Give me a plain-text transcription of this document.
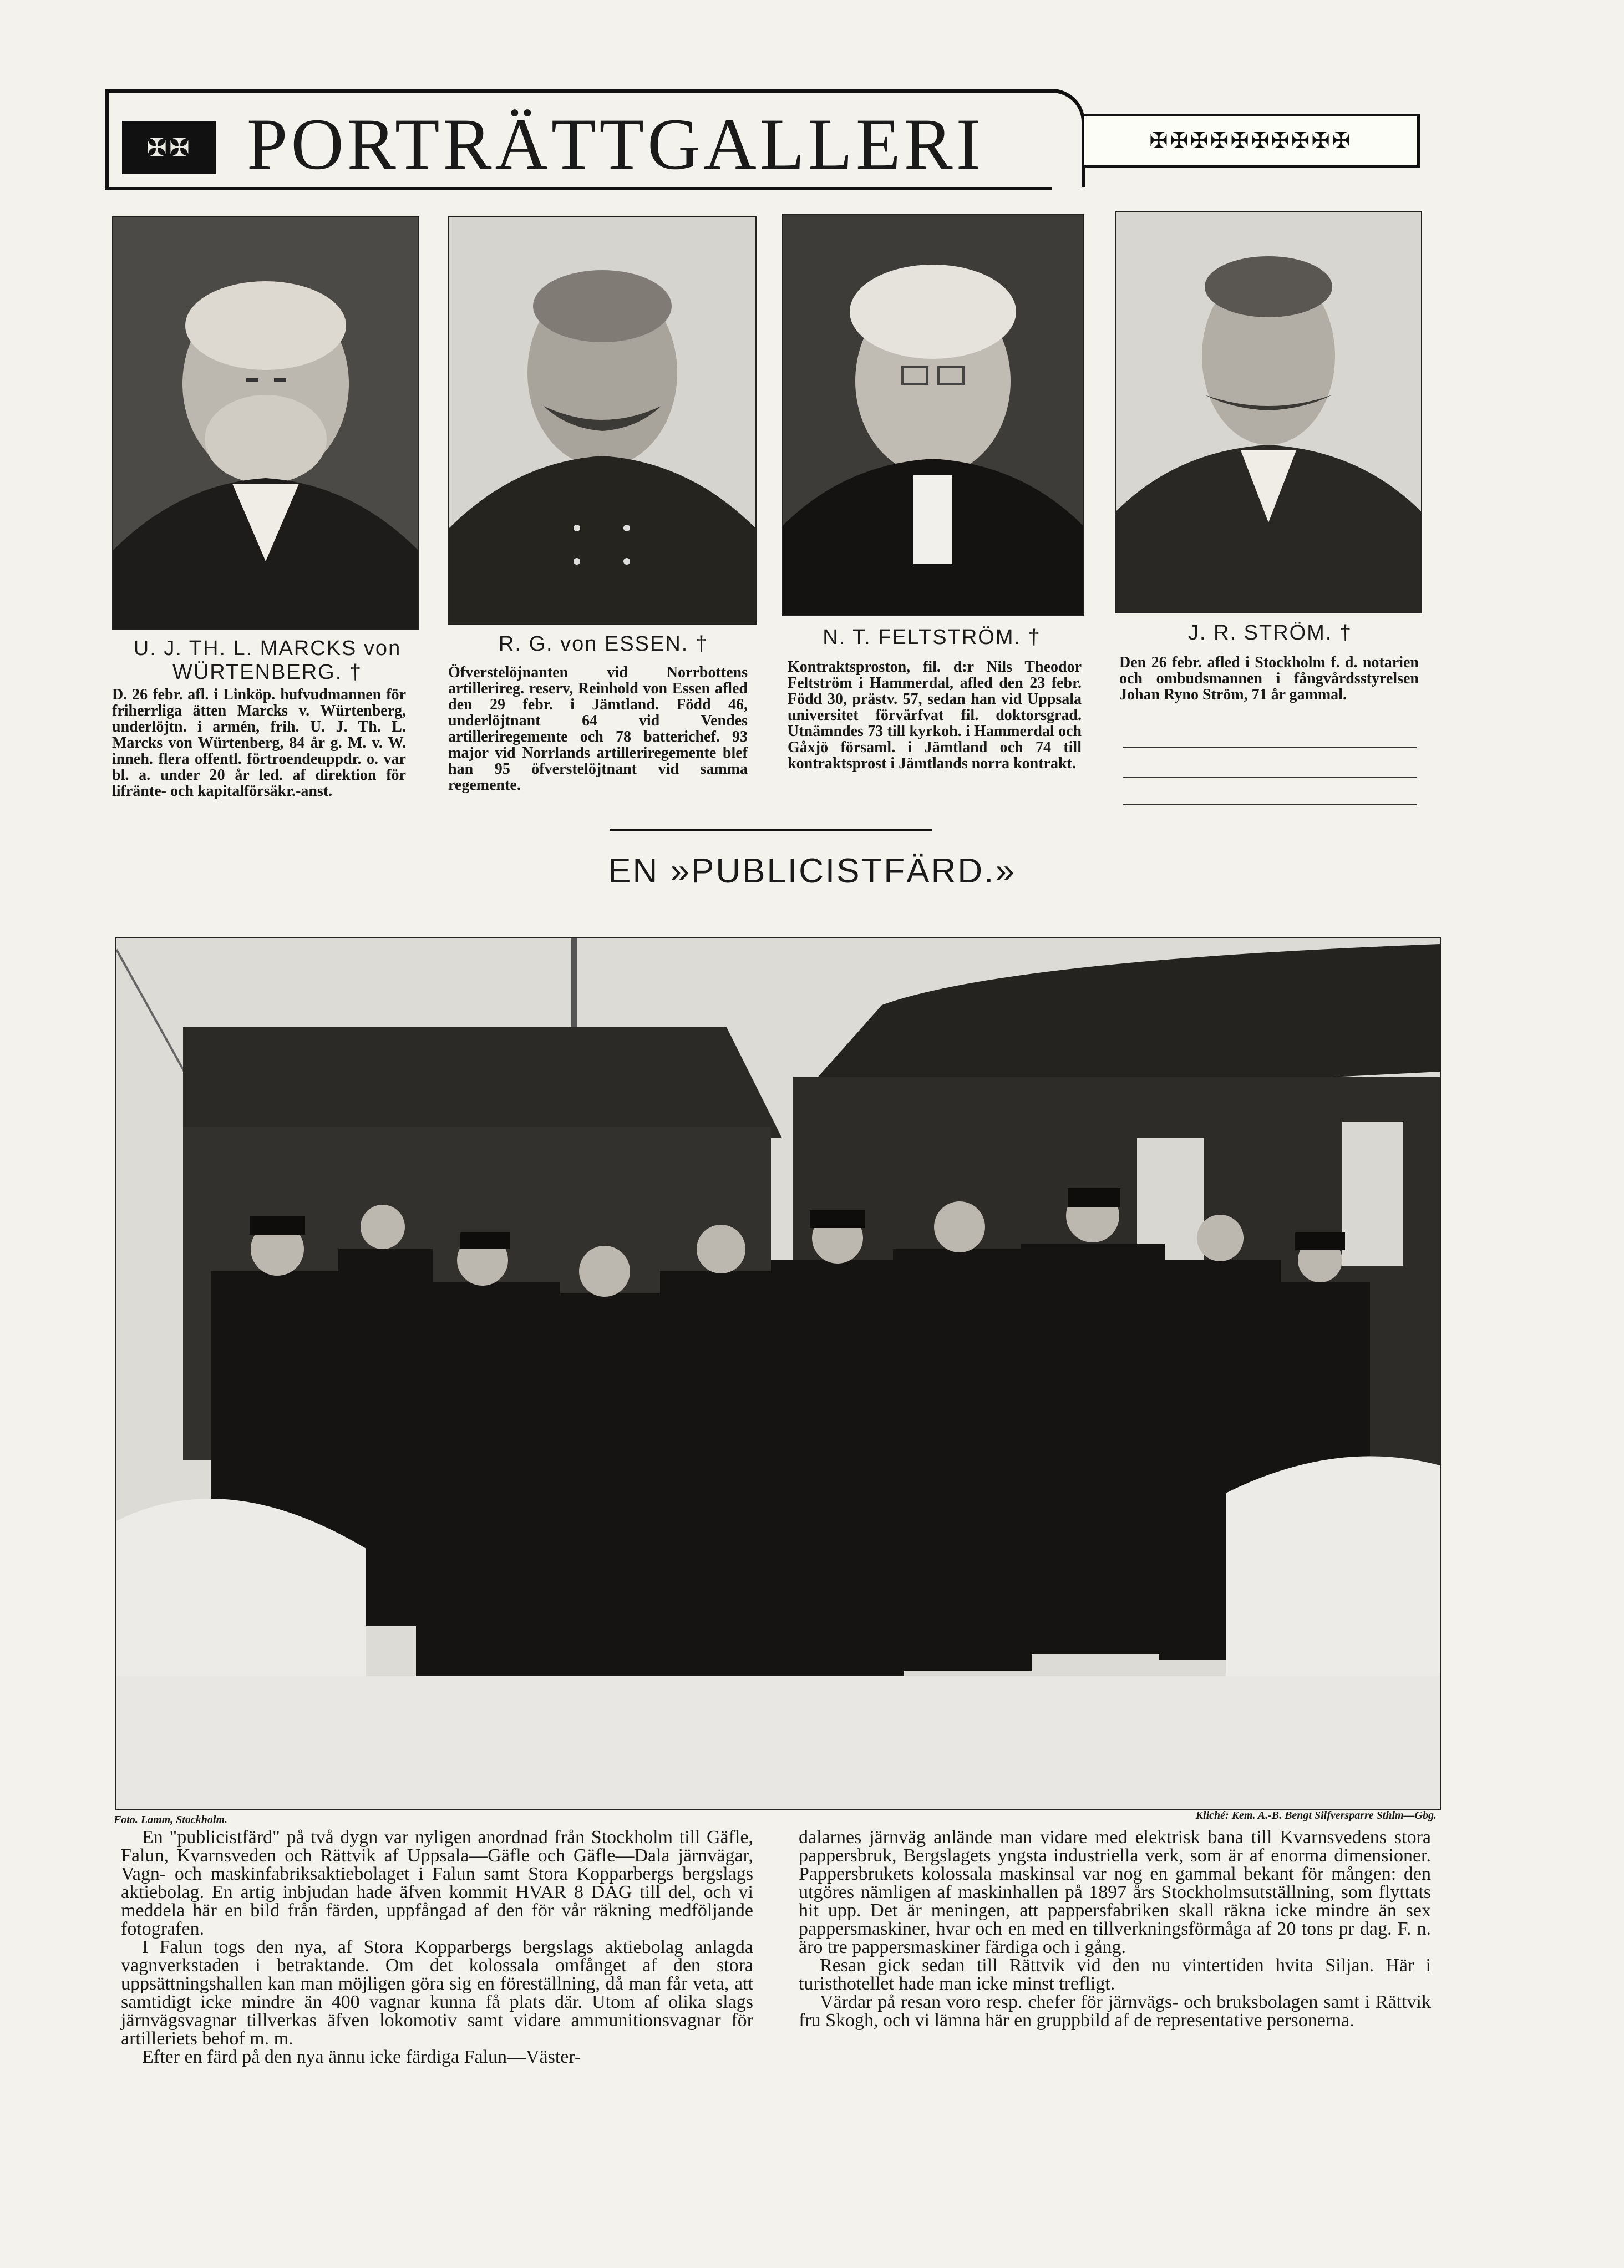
✠✠ PORTRÄTTGALLERI	✠✠✠✠✠✠✠✠✠✠
U. J. TH. L. MARCKS von WÜRTENBERG. †
D. 26 febr. afl. i Linköp. hufvudmannen för friherrliga ätten Marcks v. Würtenberg, underlöjtn. i armén, frih. U. J. Th. L. Marcks von Würtenberg, 84 år g. M. v. W. inneh. flera offentl. förtroendeuppdr. o. var bl. a. under 20 år led. af direktion för lifränte- och kapitalförsäkr.-anst.
R. G. von ESSEN. †
Öfverstelöjnanten vid Norrbottens artillerireg. reserv, Reinhold von Essen afled den 29 febr. i Jämtland. Född 46, underlöjtnant 64 vid Vendes artilleriregemente och 78 batterichef. 93 major vid Norrlands artilleriregemente blef han 95 öfverstelöjtnant vid samma regemente.
N. T. FELTSTRÖM. †
Kontraktsproston, fil. d:r Nils Theodor Feltström i Hammerdal, afled den 23 febr. Född 30, prästv. 57, sedan han vid Uppsala universitet förvärfvat fil. doktorsgrad. Utnämndes 73 till kyrkoh. i Hammerdal och Gåxjö församl. i Jämtland och 74 till kontraktsprost i Jämtlands norra kontrakt.
J. R. STRÖM. †
Den 26 febr. afled i Stockholm f. d. notarien och ombudsmannen i fångvårdsstyrelsen Johan Ryno Ström, 71 år gammal.
EN »PUBLICISTFÄRD.»
Foto. Lamm, Stockholm.	Kliché: Kem. A.-B. Bengt Silfversparre Sthlm—Gbg.

En "publicistfärd" på två dygn var nyligen anordnad från Stockholm till Gäfle, Falun, Kvarnsveden och Rättvik af Uppsala—Gäfle och Gäfle—Dala järnvägar, Vagn- och maskinfabriksaktiebolaget i Falun samt Stora Kopparbergs bergslags aktiebolag. En artig inbjudan hade äfven kommit HVAR 8 DAG till del, och vi meddela här en bild från färden, uppfångad af den för vår räkning medföljande fotografen.

I Falun togs den nya, af Stora Kopparbergs bergslags aktiebolag anlagda vagnverkstaden i betraktande. Om det kolossala omfånget af den stora uppsättningshallen kan man möjligen göra sig en föreställning, då man får veta, att samtidigt icke mindre än 400 vagnar kunna få plats där. Utom af olika slags järnvägsvagnar tillverkas äfven lokomotiv samt vidare ammunitionsvagnar för artilleriets behof m. m.

Efter en färd på den nya ännu icke färdiga Falun—Väster-

dalarnes järnväg anlände man vidare med elektrisk bana till Kvarnsvedens stora pappersbruk, Bergslagets yngsta industriella verk, som är af enorma dimensioner. Pappersbrukets kolossala maskinsal var nog en gammal bekant för mången: den utgöres nämligen af maskinhallen på 1897 års Stockholmsutställning, som flyttats hit upp. Det är meningen, att pappersfabriken skall räkna icke mindre än sex pappersmaskiner, hvar och en med en tillverkningsförmåga af 20 tons pr dag. F. n. äro tre pappersmaskiner färdiga och i gång.

Resan gick sedan till Rättvik vid den nu vintertiden hvita Siljan. Här i turisthotellet hade man icke minst trefligt.

Värdar på resan voro resp. chefer för järnvägs- och bruksbolagen samt i Rättvik fru Skogh, och vi lämna här en gruppbild af de representative personerna.
